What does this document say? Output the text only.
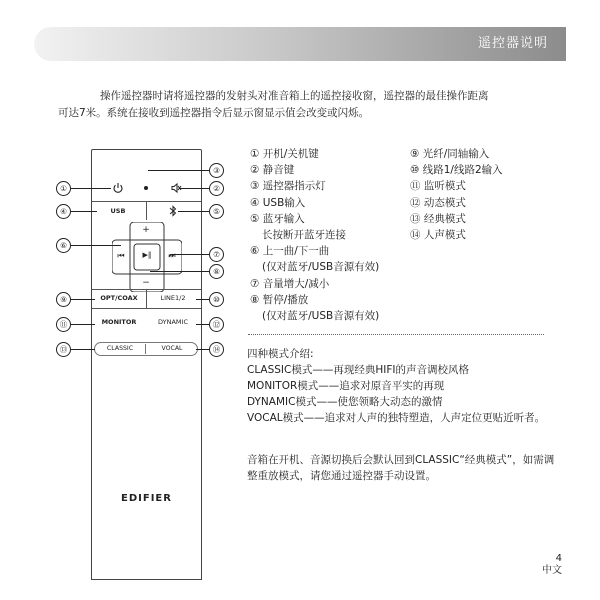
遥控器说明

操作遥控器时请将遥控器的发射头对准音箱上的遥控接收窗，遥控器的最佳操作距离
可达7米。系统在接收到遥控器指令后显示窗显示值会改变或闪烁。

USB
+
−
⏮	▶‖	⏭
OPT/COAX	LINE1/2
MONITOR	DYNAMIC
CLASSIC	VOCAL
EDIFIER
①
④
⑥
⑨
⑪
⑬
③
②
⑤
⑦
⑧
⑩
⑫
⑭
① 开机/关机键
② 静音键
③ 遥控器指示灯
④ USB输入
⑤ 蓝牙输入
长按断开蓝牙连接
⑥ 上一曲/下一曲
(仅对蓝牙/USB音源有效)
⑦ 音量增大/减小
⑧ 暂停/播放
(仅对蓝牙/USB音源有效)
⑨ 光纤/同轴输入
⑩ 线路1/线路2输入
⑪ 监听模式
⑫ 动态模式
⑬ 经典模式
⑭ 人声模式
四种模式介绍:
CLASSIC模式——再现经典HIFI的声音调校风格
MONITOR模式——追求对原音平实的再现
DYNAMIC模式——使您领略大动态的激情
VOCAL模式——追求对人声的独特塑造，人声定位更贴近听者。
音箱在开机、音源切换后会默认回到CLASSIC“经典模式”，如需调整重放模式，请您通过遥控器手动设置。
4
中文
